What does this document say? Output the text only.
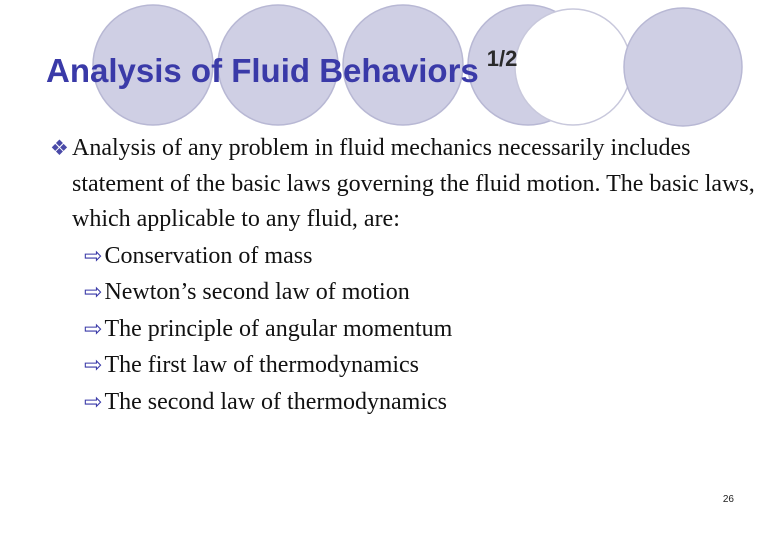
Analysis of Fluid Behaviors $^{1/2}$
❖ Analysis of any problem in fluid mechanics necessarily includes statement of the basic laws governing the fluid motion. The basic laws, which applicable to any fluid, are:
⇨Conservation of mass
⇨Newton’s second law of motion
⇨The principle of angular momentum
⇨The first law of thermodynamics
⇨The second law of thermodynamics
26
